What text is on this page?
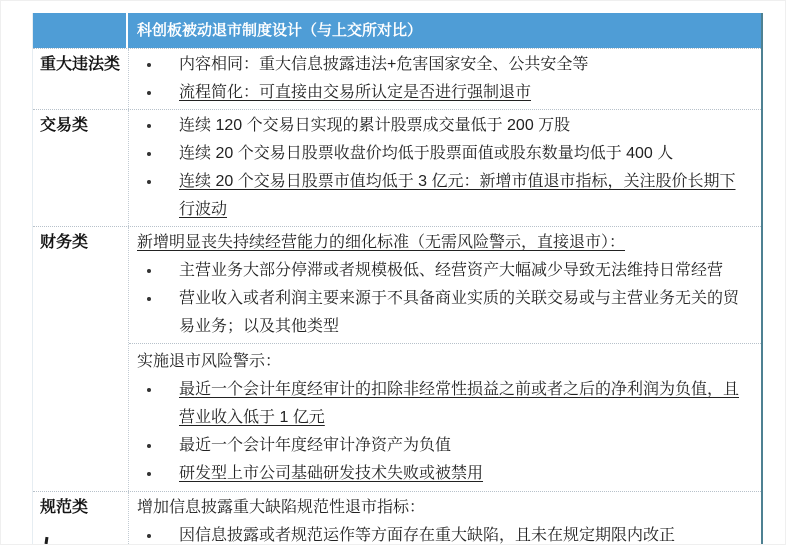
科创板被动退市制度设计（与上交所对比）
重大违法类	内容相同：重大信息披露违法+危害国家安全、公共安全等
流程简化：可直接由交易所认定是否进行强制退市
交易类	连续 120 个交易日实现的累计股票成交量低于 200 万股
连续 20 个交易日股票收盘价均低于股票面值或股东数量均低于 400 人
连续 20 个交易日股票市值均低于 3 亿元：新增市值退市指标，关注股价长期下行波动
财务类	新增明显丧失持续经营能力的细化标准（无需风险警示，直接退市）：
主营业务大部分停滞或者规模极低、经营资产大幅减少导致无法维持日常经营
营业收入或者利润主要来源于不具备商业实质的关联交易或与主营业务无关的贸易业务；以及其他类型
实施退市风险警示：
最近一个会计年度经审计的扣除非经常性损益之前或者之后的净利润为负值，且营业收入低于 1 亿元
最近一个会计年度经审计净资产为负值
研发型上市公司基础研发技术失败或被禁用
规范类	增加信息披露重大缺陷规范性退市指标：
因信息披露或者规范运作等方面存在重大缺陷，且未在规定期限内改正
